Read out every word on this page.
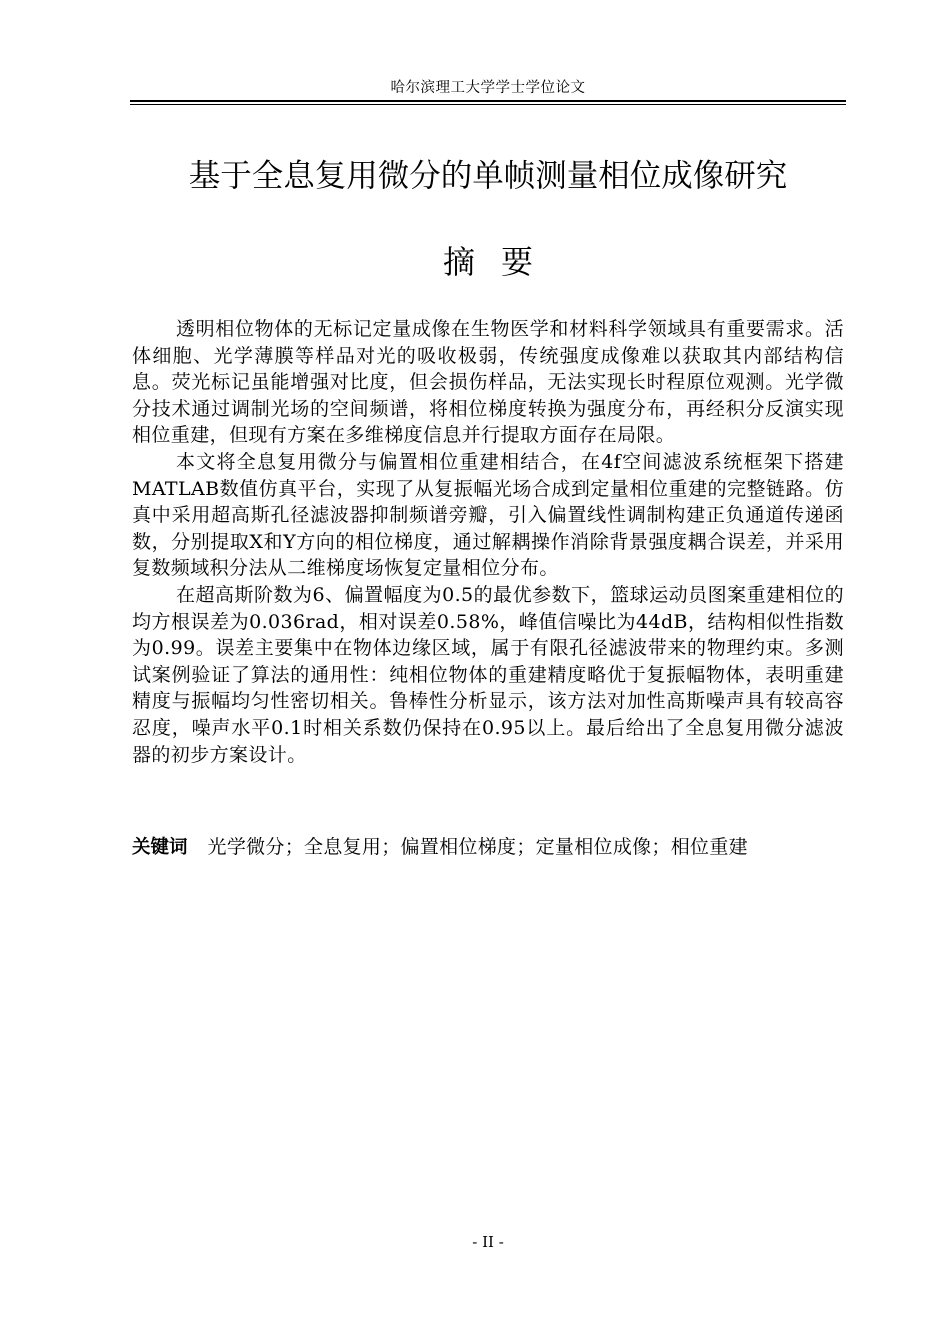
哈尔滨理工大学学士学位论文
基于全息复用微分的单帧测量相位成像研究
摘要

透明相位物体的无标记定量成像在生物医学和材料科学领域具有重要需求。活体细胞、光学薄膜等样品对光的吸收极弱，传统强度成像难以获取其内部结构信息。荧光标记虽能增强对比度，但会损伤样品，无法实现长时程原位观测。光学微分技术通过调制光场的空间频谱，将相位梯度转换为强度分布，再经积分反演实现相位重建，但现有方案在多维梯度信息并行提取方面存在局限。

本文将全息复用微分与偏置相位重建相结合，在4f空间滤波系统框架下搭建MATLAB数值仿真平台，实现了从复振幅光场合成到定量相位重建的完整链路。仿真中采用超高斯孔径滤波器抑制频谱旁瓣，引入偏置线性调制构建正负通道传递函数，分别提取X和Y方向的相位梯度，通过解耦操作消除背景强度耦合误差，并采用复数频域积分法从二维梯度场恢复定量相位分布。

在超高斯阶数为6、偏置幅度为0.5的最优参数下，篮球运动员图案重建相位的均方根误差为0.036rad，相对误差0.58%，峰值信噪比为44dB，结构相似性指数为0.99。误差主要集中在物体边缘区域，属于有限孔径滤波带来的物理约束。多测试案例验证了算法的通用性：纯相位物体的重建精度略优于复振幅物体，表明重建精度与振幅均匀性密切相关。鲁棒性分析显示，该方法对加性高斯噪声具有较高容忍度，噪声水平0.1时相关系数仍保持在0.95以上。最后给出了全息复用微分滤波器的初步方案设计。

关键词 光学微分；全息复用；偏置相位梯度；定量相位成像；相位重建
- II -
